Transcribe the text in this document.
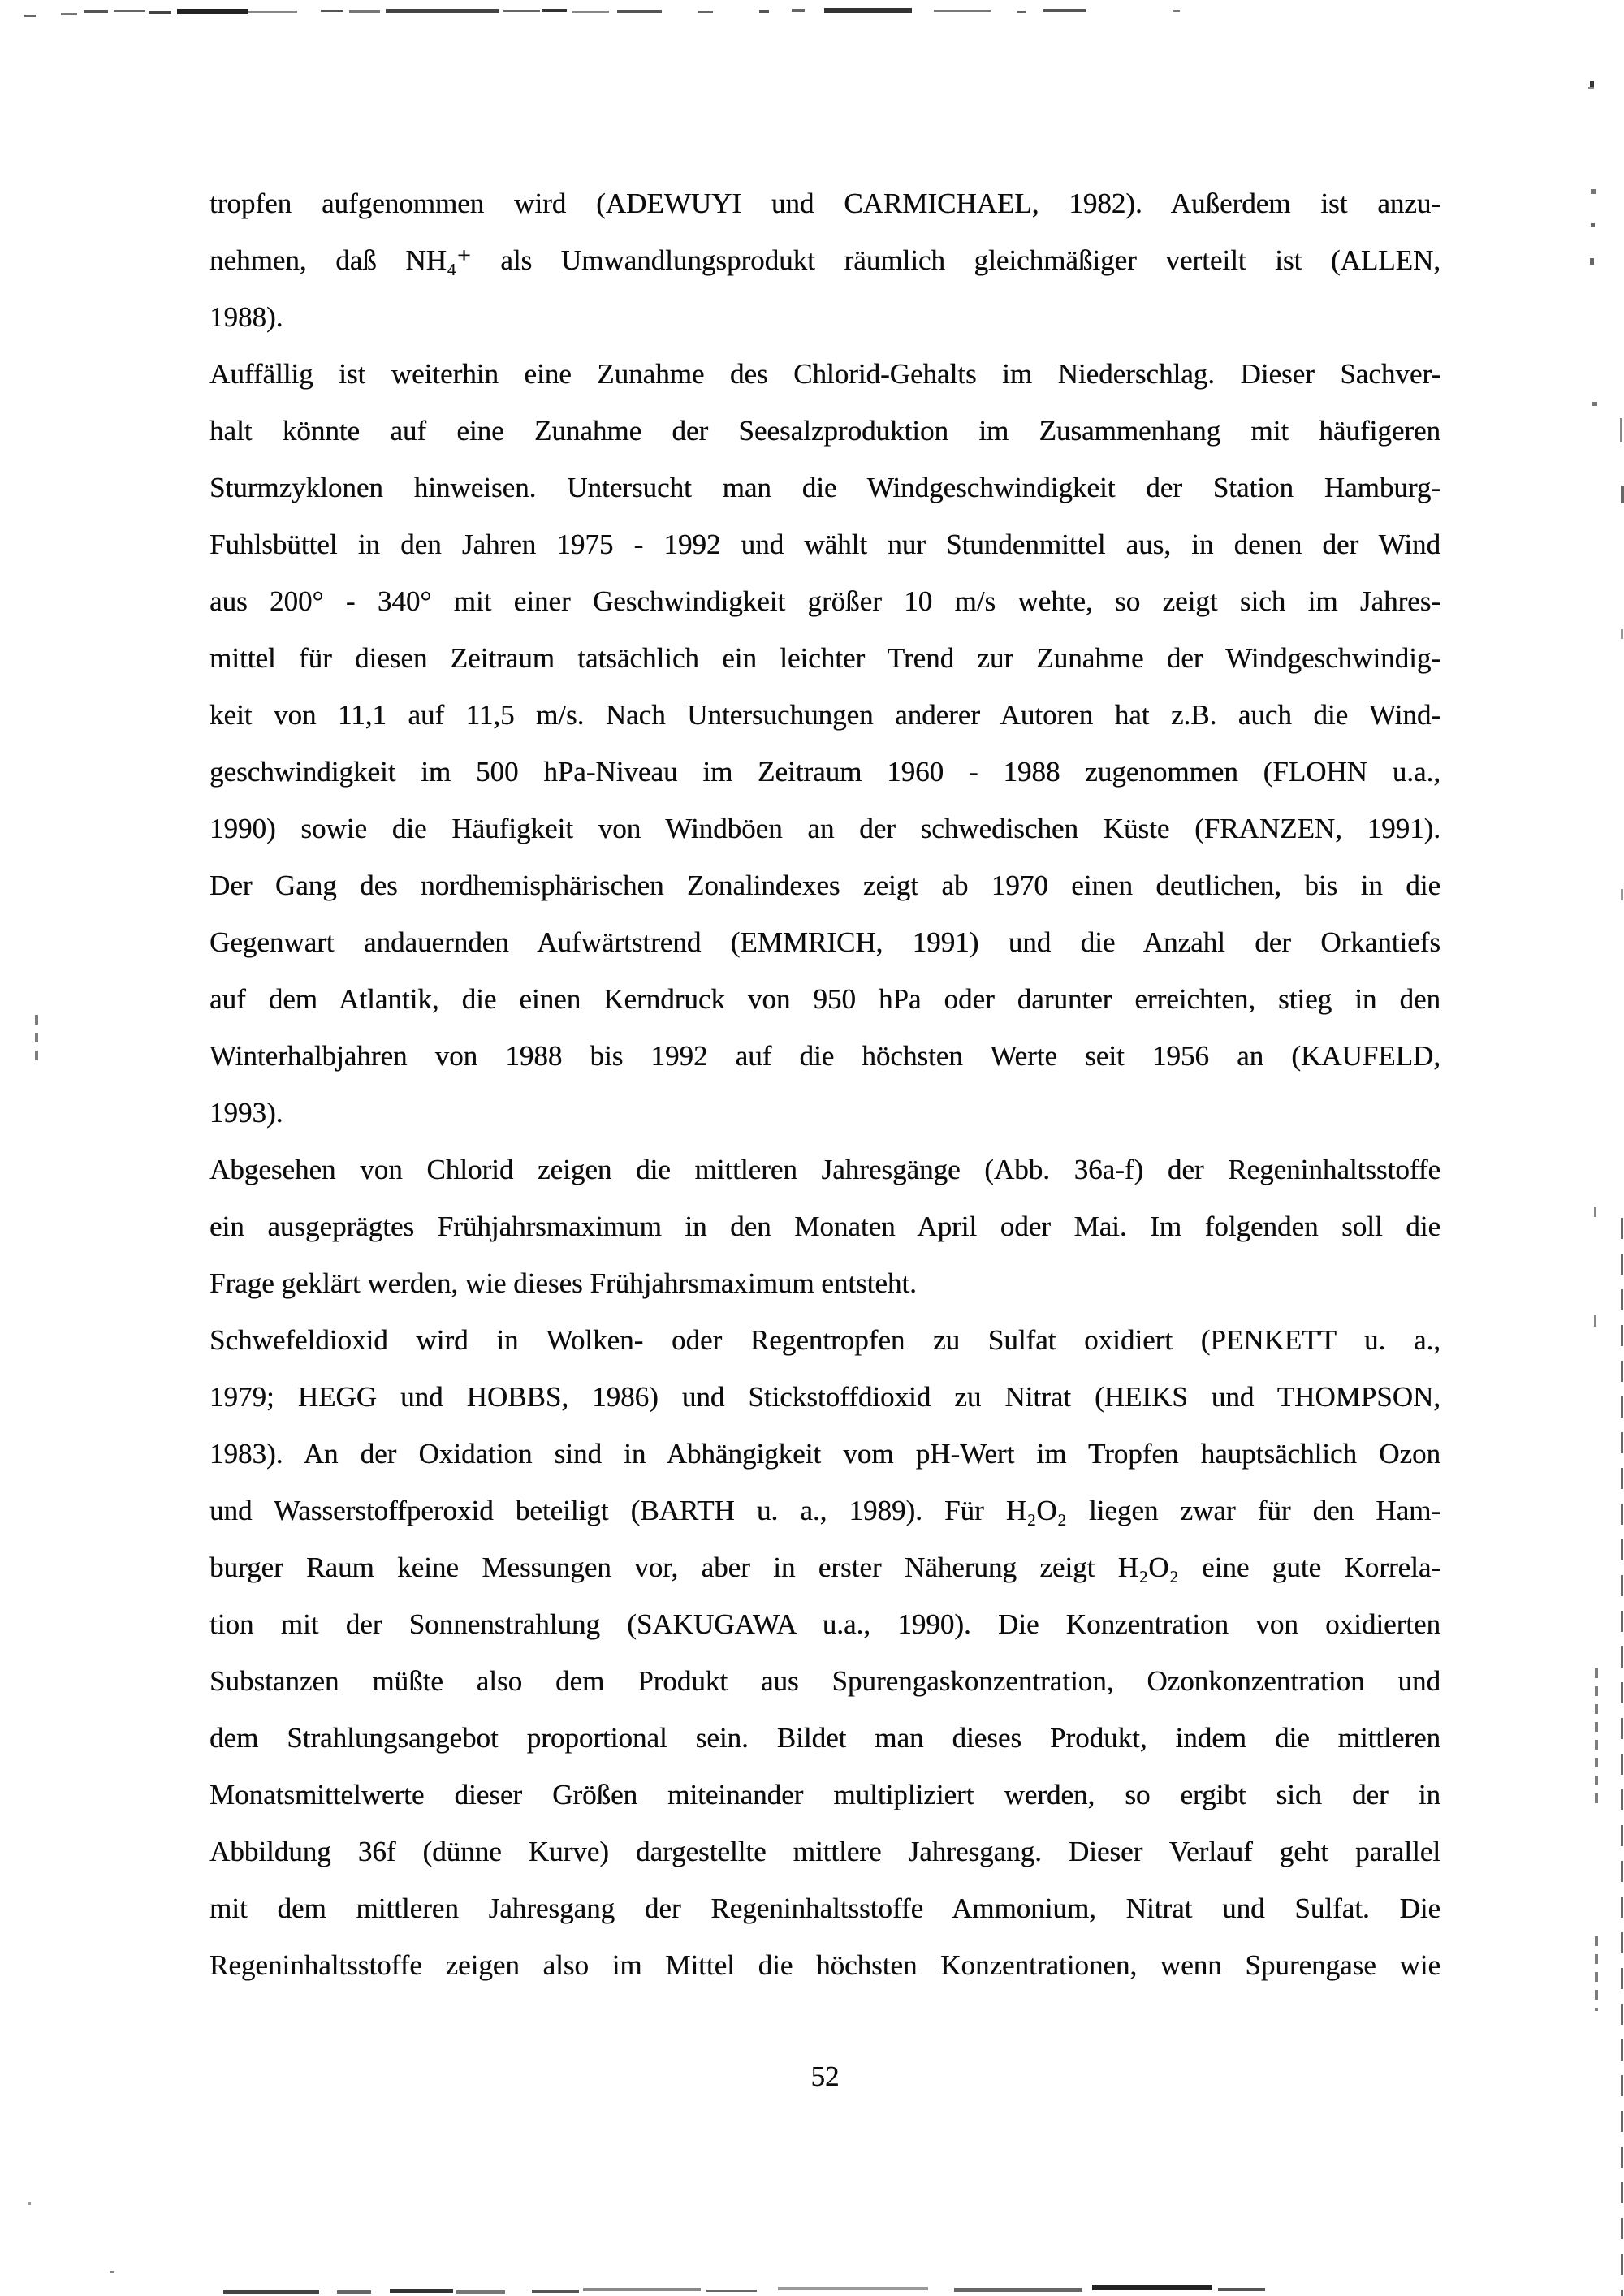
tropfen aufgenommen wird (ADEWUYI und CARMICHAEL, 1982). Außerdem ist anzu-
nehmen, daß NH₄⁺ als Umwandlungsprodukt räumlich gleichmäßiger verteilt ist (ALLEN,
1988).
Auffällig ist weiterhin eine Zunahme des Chlorid-Gehalts im Niederschlag. Dieser Sachver-
halt könnte auf eine Zunahme der Seesalzproduktion im Zusammenhang mit häufigeren
Sturmzyklonen hinweisen. Untersucht man die Windgeschwindigkeit der Station Hamburg-
Fuhlsbüttel in den Jahren 1975 - 1992 und wählt nur Stundenmittel aus, in denen der Wind
aus 200° - 340° mit einer Geschwindigkeit größer 10 m/s wehte, so zeigt sich im Jahres-
mittel für diesen Zeitraum tatsächlich ein leichter Trend zur Zunahme der Windgeschwindig-
keit von 11,1 auf 11,5 m/s. Nach Untersuchungen anderer Autoren hat z.B. auch die Wind-
geschwindigkeit im 500 hPa-Niveau im Zeitraum 1960 - 1988 zugenommen (FLOHN u.a.,
1990) sowie die Häufigkeit von Windböen an der schwedischen Küste (FRANZEN, 1991).
Der Gang des nordhemisphärischen Zonalindexes zeigt ab 1970 einen deutlichen, bis in die
Gegenwart andauernden Aufwärtstrend (EMMRICH, 1991) und die Anzahl der Orkantiefs
auf dem Atlantik, die einen Kerndruck von 950 hPa oder darunter erreichten, stieg in den
Winterhalbjahren von 1988 bis 1992 auf die höchsten Werte seit 1956 an (KAUFELD,
1993).
Abgesehen von Chlorid zeigen die mittleren Jahresgänge (Abb. 36a-f) der Regeninhaltsstoffe
ein ausgeprägtes Frühjahrsmaximum in den Monaten April oder Mai. Im folgenden soll die
Frage geklärt werden, wie dieses Frühjahrsmaximum entsteht.
Schwefeldioxid wird in Wolken- oder Regentropfen zu Sulfat oxidiert (PENKETT u. a.,
1979; HEGG und HOBBS, 1986) und Stickstoffdioxid zu Nitrat (HEIKS und THOMPSON,
1983). An der Oxidation sind in Abhängigkeit vom pH-Wert im Tropfen hauptsächlich Ozon
und Wasserstoffperoxid beteiligt (BARTH u. a., 1989). Für H₂O₂ liegen zwar für den Ham-
burger Raum keine Messungen vor, aber in erster Näherung zeigt H₂O₂ eine gute Korrela-
tion mit der Sonnenstrahlung (SAKUGAWA u.a., 1990). Die Konzentration von oxidierten
Substanzen müßte also dem Produkt aus Spurengaskonzentration, Ozonkonzentration und
dem Strahlungsangebot proportional sein. Bildet man dieses Produkt, indem die mittleren
Monatsmittelwerte dieser Größen miteinander multipliziert werden, so ergibt sich der in
Abbildung 36f (dünne Kurve) dargestellte mittlere Jahresgang. Dieser Verlauf geht parallel
mit dem mittleren Jahresgang der Regeninhaltsstoffe Ammonium, Nitrat und Sulfat. Die
Regeninhaltsstoffe zeigen also im Mittel die höchsten Konzentrationen, wenn Spurengase wie
52
